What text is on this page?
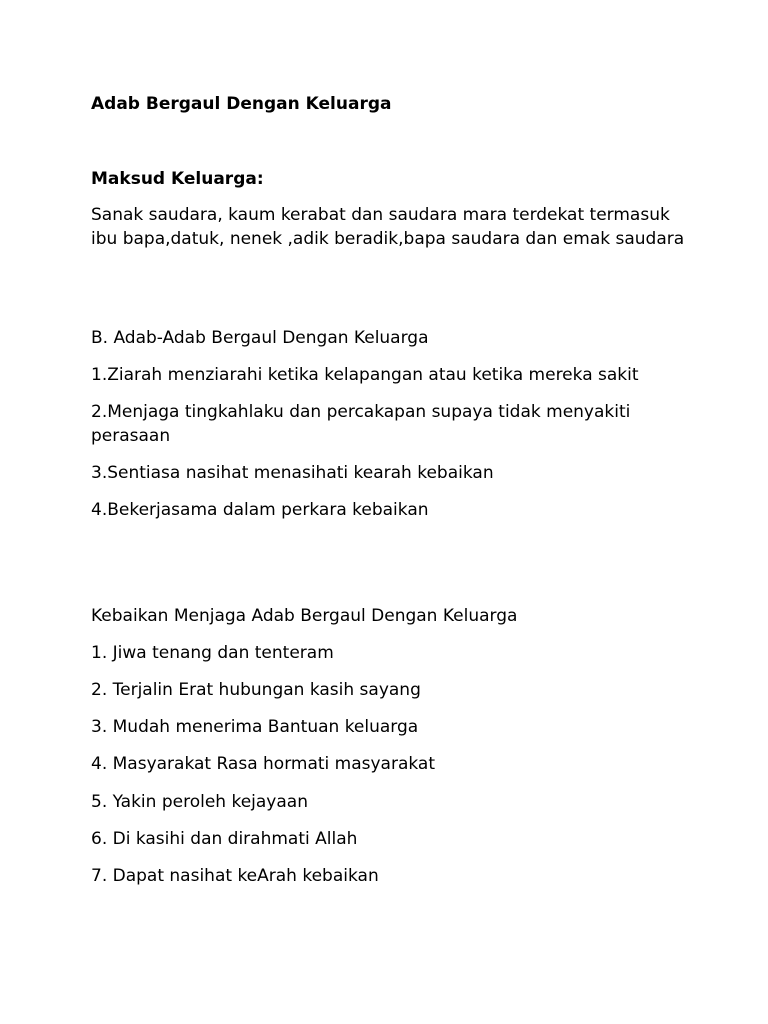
Adab Bergaul Dengan Keluarga

Maksud Keluarga:

Sanak saudara, kaum kerabat dan saudara mara terdekat termasuk ibu bapa,datuk, nenek ,adik beradik,bapa saudara dan emak saudara

B. Adab-Adab Bergaul Dengan Keluarga

1.Ziarah menziarahi ketika kelapangan atau ketika mereka sakit

2.Menjaga tingkahlaku dan percakapan supaya tidak menyakiti perasaan

3.Sentiasa nasihat menasihati kearah kebaikan

4.Bekerjasama dalam perkara kebaikan

Kebaikan Menjaga Adab Bergaul Dengan Keluarga

1. Jiwa tenang dan tenteram

2. Terjalin Erat hubungan kasih sayang

3. Mudah menerima Bantuan keluarga

4. Masyarakat Rasa hormati masyarakat

5. Yakin peroleh kejayaan

6. Di kasihi dan dirahmati Allah

7. Dapat nasihat keArah kebaikan
